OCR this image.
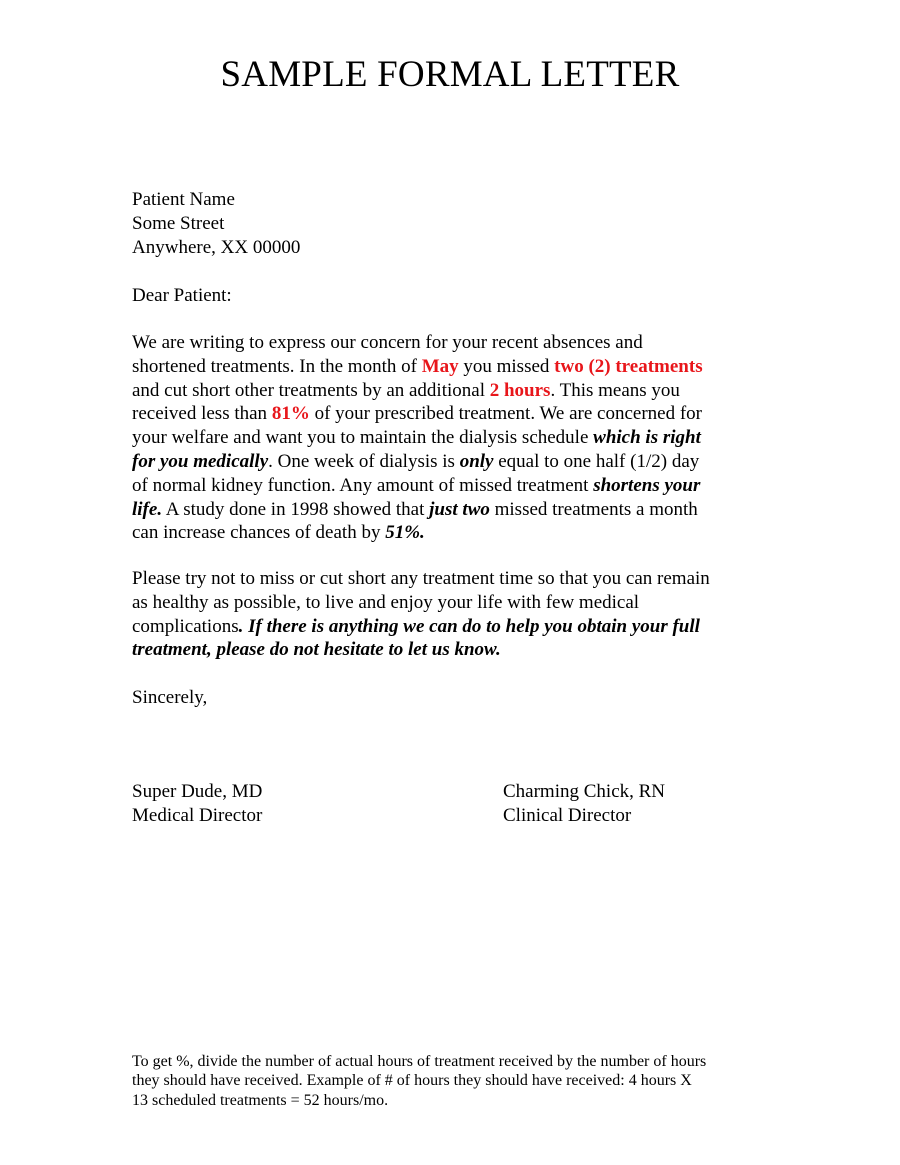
SAMPLE FORMAL LETTER
Patient Name
Some Street
Anywhere, XX 00000
Dear Patient:
We are writing to express our concern for your recent absences and
shortened treatments. In the month of May you missed two (2) treatments
and cut short other treatments by an additional 2 hours. This means you
received less than 81% of your prescribed treatment. We are concerned for
your welfare and want you to maintain the dialysis schedule which is right
for you medically. One week of dialysis is only equal to one half (1/2) day
of normal kidney function. Any amount of missed treatment shortens your
life. A study done in 1998 showed that just two missed treatments a month
can increase chances of death by 51%.
Please try not to miss or cut short any treatment time so that you can remain
as healthy as possible, to live and enjoy your life with few medical
complications. If there is anything we can do to help you obtain your full
treatment, please do not hesitate to let us know.
Sincerely,
Super Dude, MD
Medical Director
Charming Chick, RN
Clinical Director
To get %, divide the number of actual hours of treatment received by the number of hours
they should have received. Example of # of hours they should have received: 4 hours X
13 scheduled treatments = 52 hours/mo.
